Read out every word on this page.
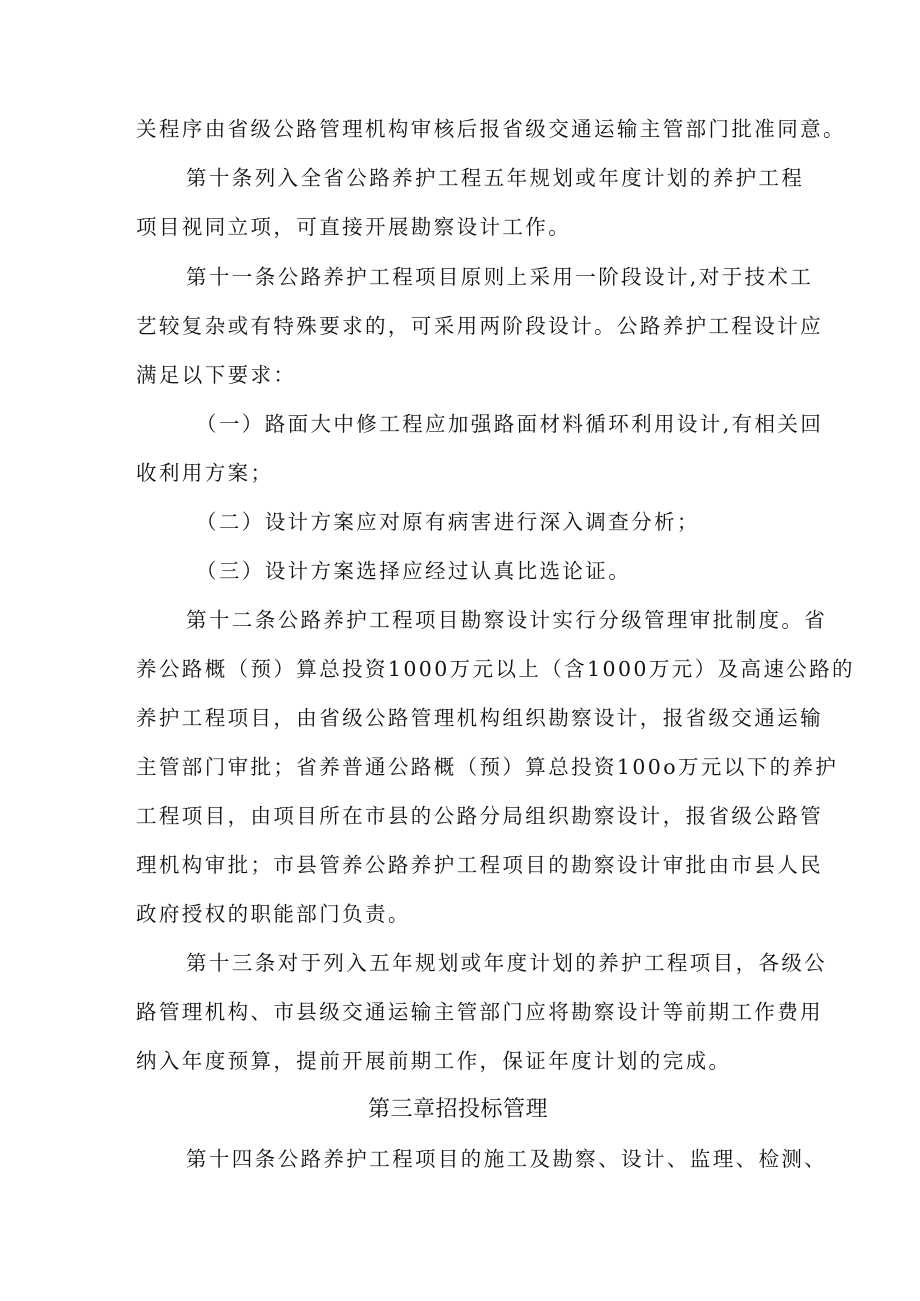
关程序由省级公路管理机构审核后报省级交通运输主管部门批准同意。
第十条列入全省公路养护工程五年规划或年度计划的养护工程
项目视同立项，可直接开展勘察设计工作。
第十一条公路养护工程项目原则上采用一阶段设计,对于技术工
艺较复杂或有特殊要求的，可采用两阶段设计。公路养护工程设计应
满足以下要求：
（一）路面大中修工程应加强路面材料循环利用设计,有相关回
收利用方案；
（二）设计方案应对原有病害进行深入调查分析；
（三）设计方案选择应经过认真比选论证。
第十二条公路养护工程项目勘察设计实行分级管理审批制度。省
养公路概（预）算总投资1000万元以上（含1000万元）及高速公路的
养护工程项目，由省级公路管理机构组织勘察设计，报省级交通运输
主管部门审批；省养普通公路概（预）算总投资100o万元以下的养护
工程项目，由项目所在市县的公路分局组织勘察设计，报省级公路管
理机构审批；市县管养公路养护工程项目的勘察设计审批由市县人民
政府授权的职能部门负责。
第十三条对于列入五年规划或年度计划的养护工程项目，各级公
路管理机构、市县级交通运输主管部门应将勘察设计等前期工作费用
纳入年度预算，提前开展前期工作，保证年度计划的完成。
第三章招投标管理
第十四条公路养护工程项目的施工及勘察、设计、监理、检测、
